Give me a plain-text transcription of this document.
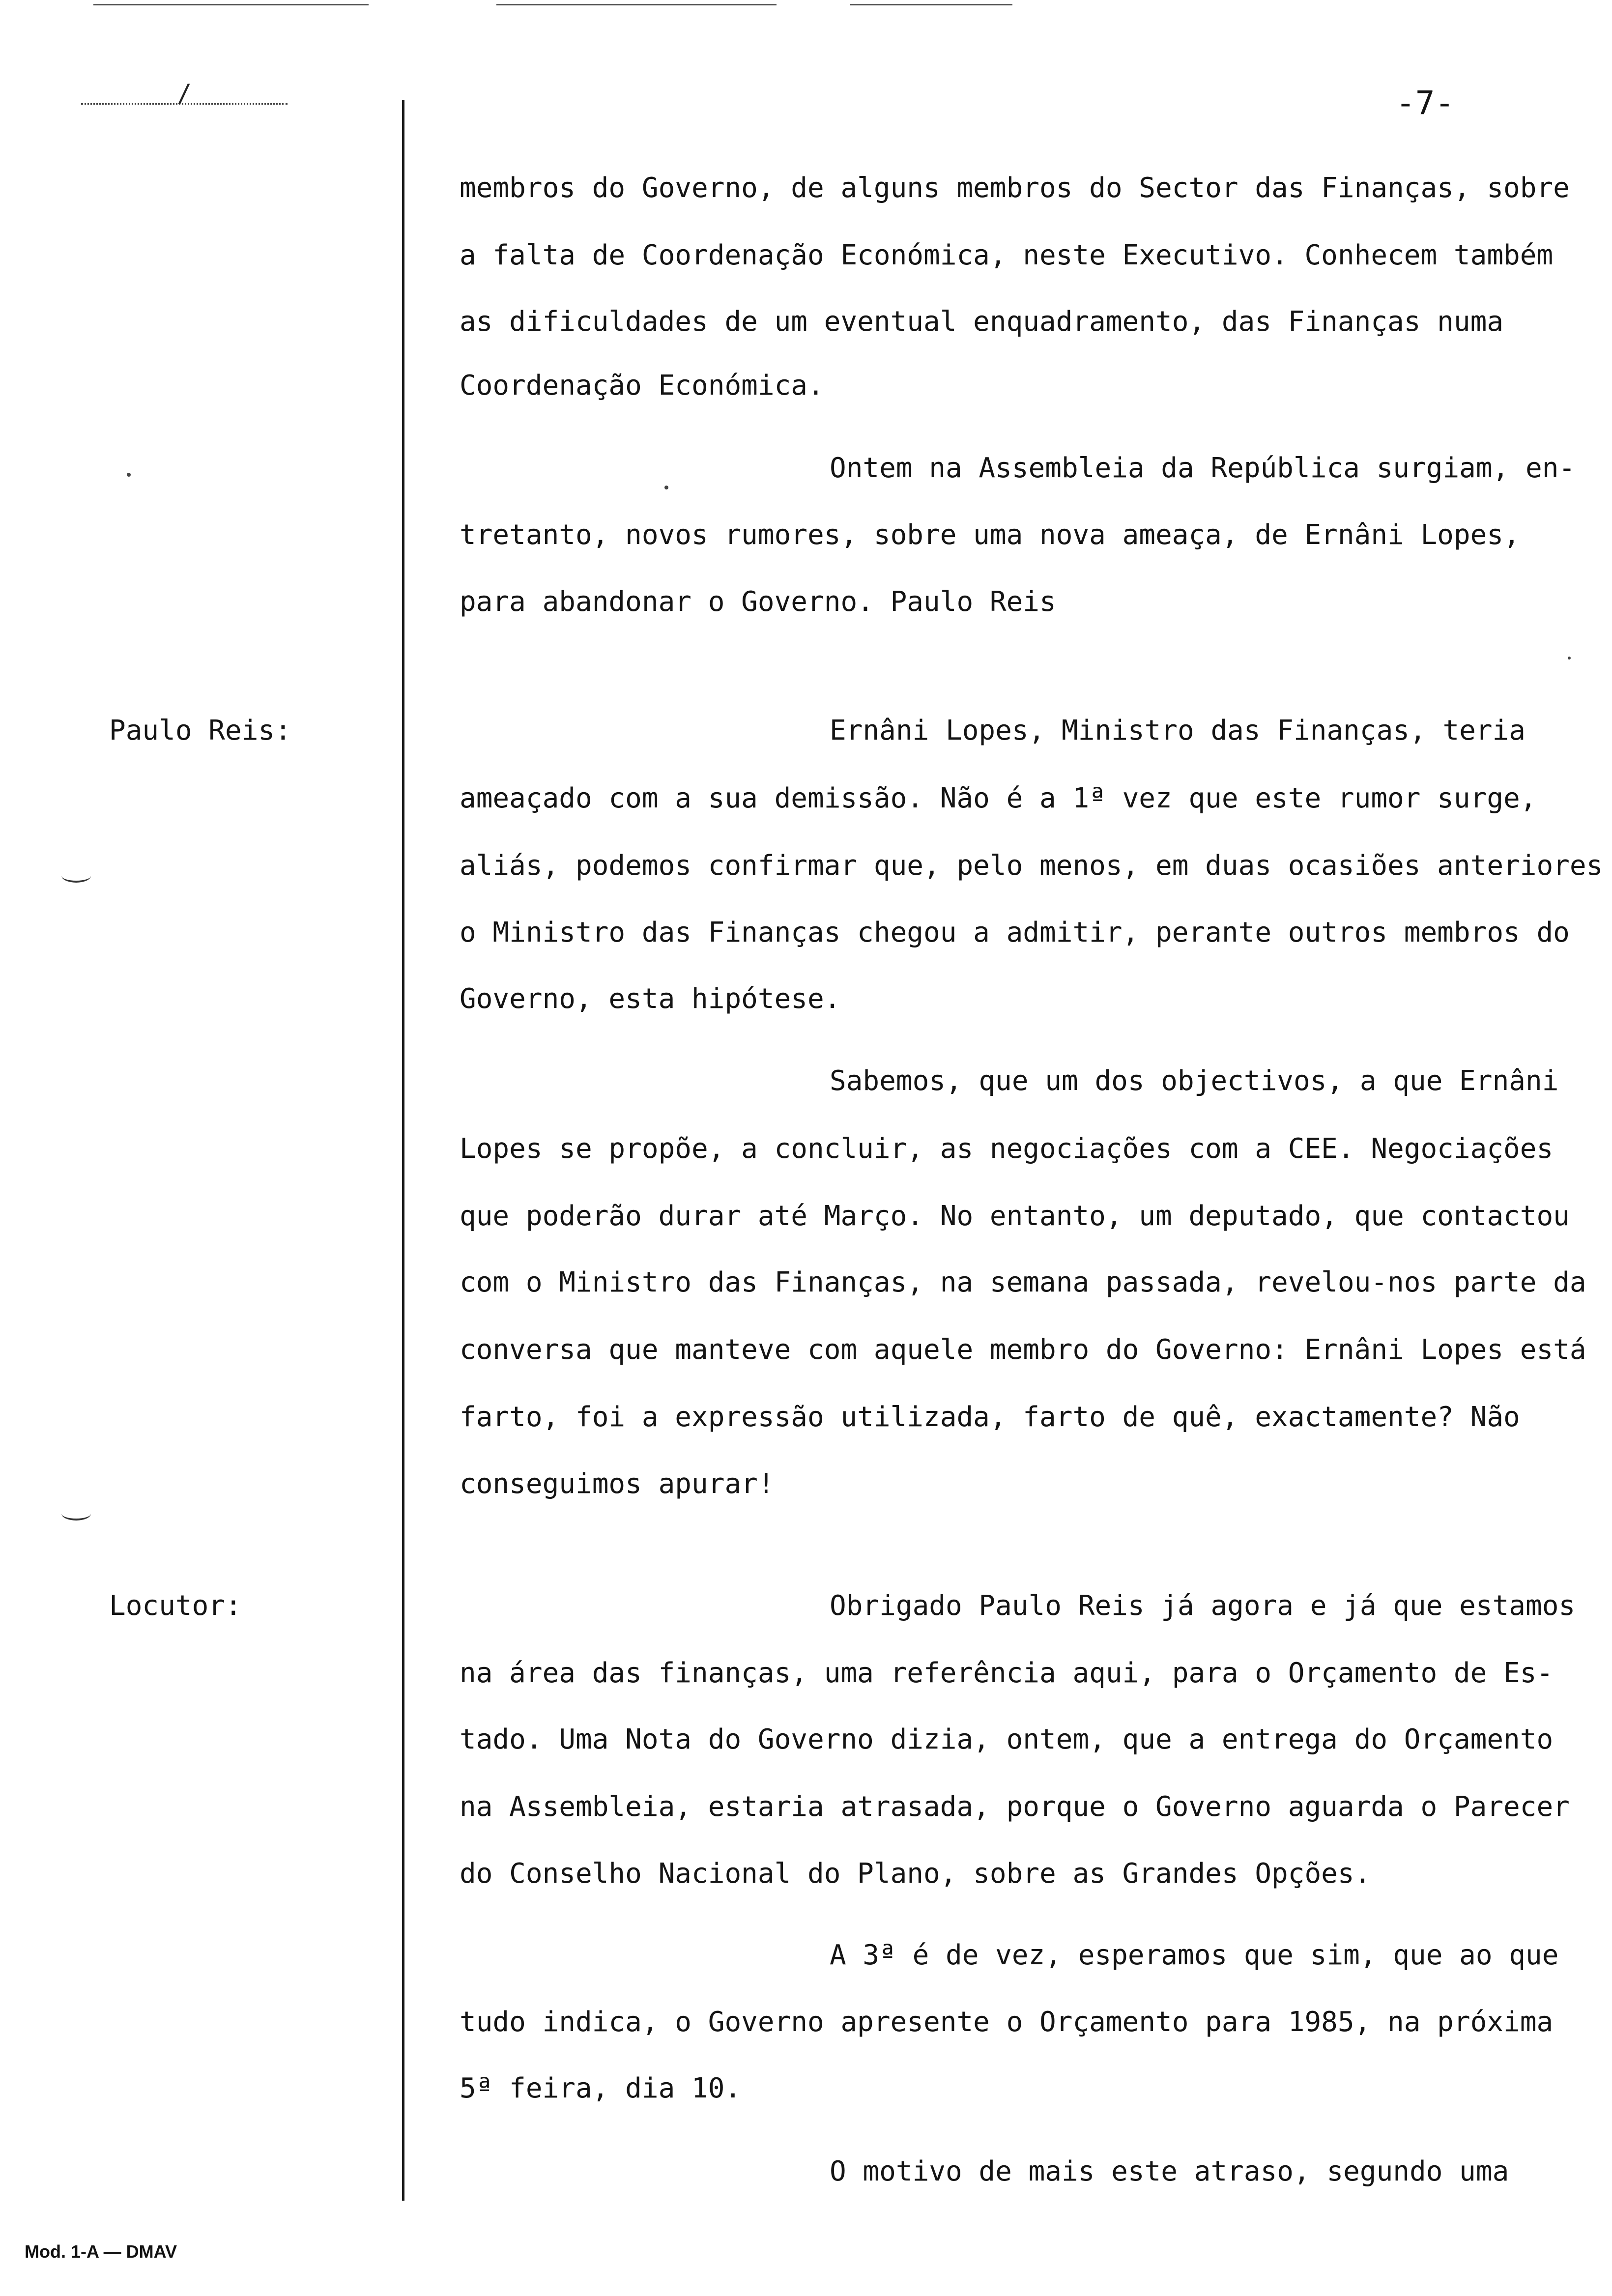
/	-7-
Paulo Reis:
Locutor:
membros do Governo, de alguns membros do Sector das Finanças, sobre
a falta de Coordenação Económica, neste Executivo. Conhecem também
as dificuldades de um eventual enquadramento, das Finanças numa
Coordenação Económica.
Ontem na Assembleia da República surgiam, en-
tretanto, novos rumores, sobre uma nova ameaça, de Ernâni Lopes,
para abandonar o Governo. Paulo Reis
Ernâni Lopes, Ministro das Finanças, teria
ameaçado com a sua demissão. Não é a 1ª vez que este rumor surge,
aliás, podemos confirmar que, pelo menos, em duas ocasiões anteriores
o Ministro das Finanças chegou a admitir, perante outros membros do
Governo, esta hipótese.
Sabemos, que um dos objectivos, a que Ernâni
Lopes se propõe, a concluir, as negociações com a CEE. Negociações
que poderão durar até Março. No entanto, um deputado, que contactou
com o Ministro das Finanças, na semana passada, revelou-nos parte da
conversa que manteve com aquele membro do Governo: Ernâni Lopes está
farto, foi a expressão utilizada, farto de quê, exactamente? Não
conseguimos apurar!
Obrigado Paulo Reis já agora e já que estamos
na área das finanças, uma referência aqui, para o Orçamento de Es-
tado. Uma Nota do Governo dizia, ontem, que a entrega do Orçamento
na Assembleia, estaria atrasada, porque o Governo aguarda o Parecer
do Conselho Nacional do Plano, sobre as Grandes Opções.
A 3ª é de vez, esperamos que sim, que ao que
tudo indica, o Governo apresente o Orçamento para 1985, na próxima
5ª feira, dia 10.
O motivo de mais este atraso, segundo uma
Mod. 1-A — DMAV
